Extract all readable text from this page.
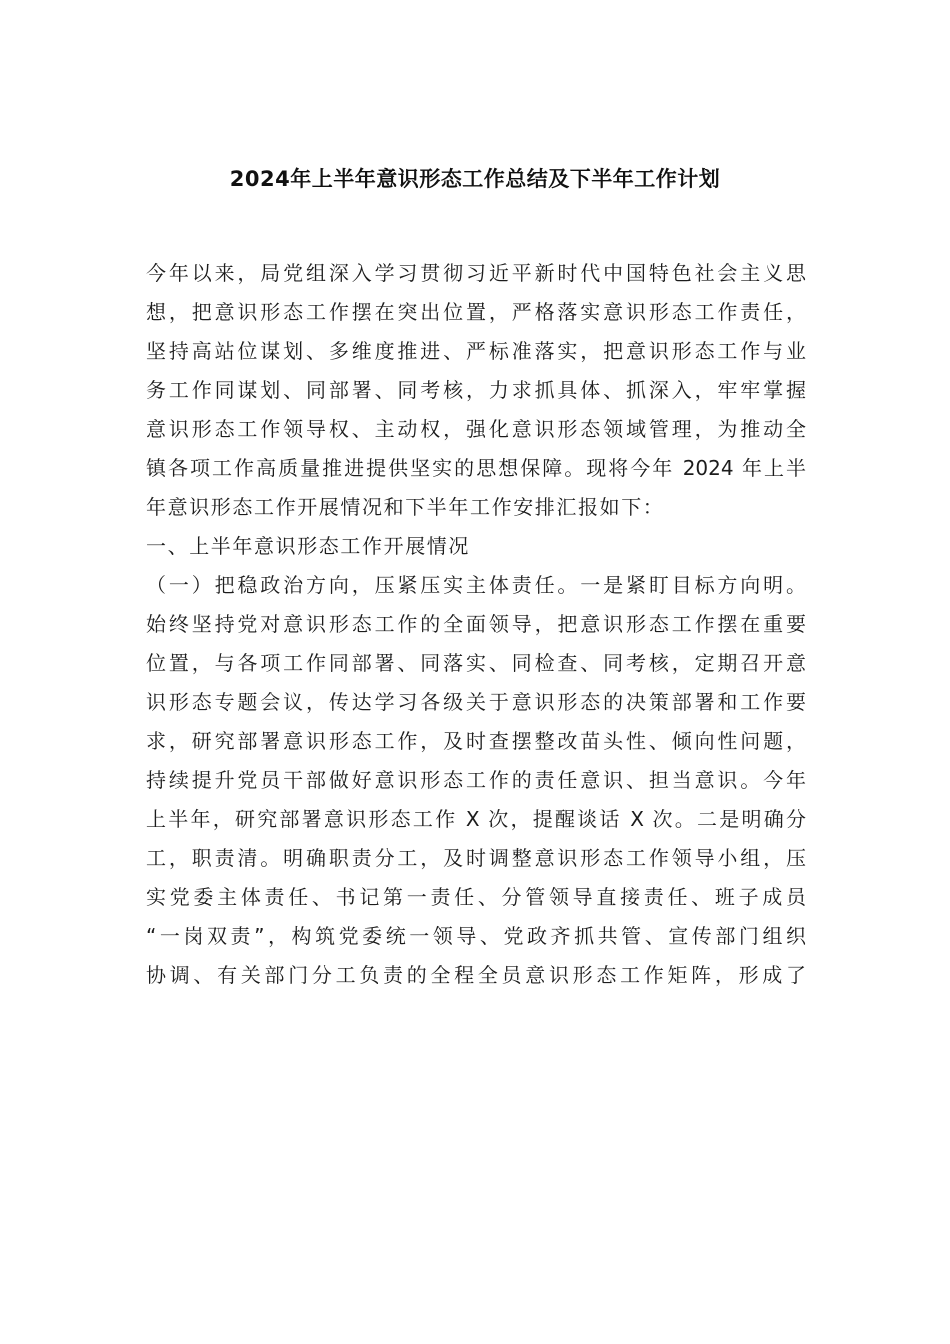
2024年上半年意识形态工作总结及下半年工作计划
今年以来，局党组深入学习贯彻习近平新时代中国特色社会主义思
想，把意识形态工作摆在突出位置，严格落实意识形态工作责任，
坚持高站位谋划、多维度推进、严标准落实，把意识形态工作与业
务工作同谋划、同部署、同考核，力求抓具体、抓深入，牢牢掌握
意识形态工作领导权、主动权，强化意识形态领域管理，为推动全
镇各项工作高质量推进提供坚实的思想保障。现将今年 2024 年上半
年意识形态工作开展情况和下半年工作安排汇报如下：
一、上半年意识形态工作开展情况
（一）把稳政治方向，压紧压实主体责任。一是紧盯目标方向明。
始终坚持党对意识形态工作的全面领导，把意识形态工作摆在重要
位置，与各项工作同部署、同落实、同检查、同考核，定期召开意
识形态专题会议，传达学习各级关于意识形态的决策部署和工作要
求，研究部署意识形态工作，及时查摆整改苗头性、倾向性问题，
持续提升党员干部做好意识形态工作的责任意识、担当意识。今年
上半年，研究部署意识形态工作 X 次，提醒谈话 X 次。二是明确分
工，职责清。明确职责分工，及时调整意识形态工作领导小组，压
实党委主体责任、书记第一责任、分管领导直接责任、班子成员
“一岗双责”，构筑党委统一领导、党政齐抓共管、宣传部门组织
协调、有关部门分工负责的全程全员意识形态工作矩阵，形成了
